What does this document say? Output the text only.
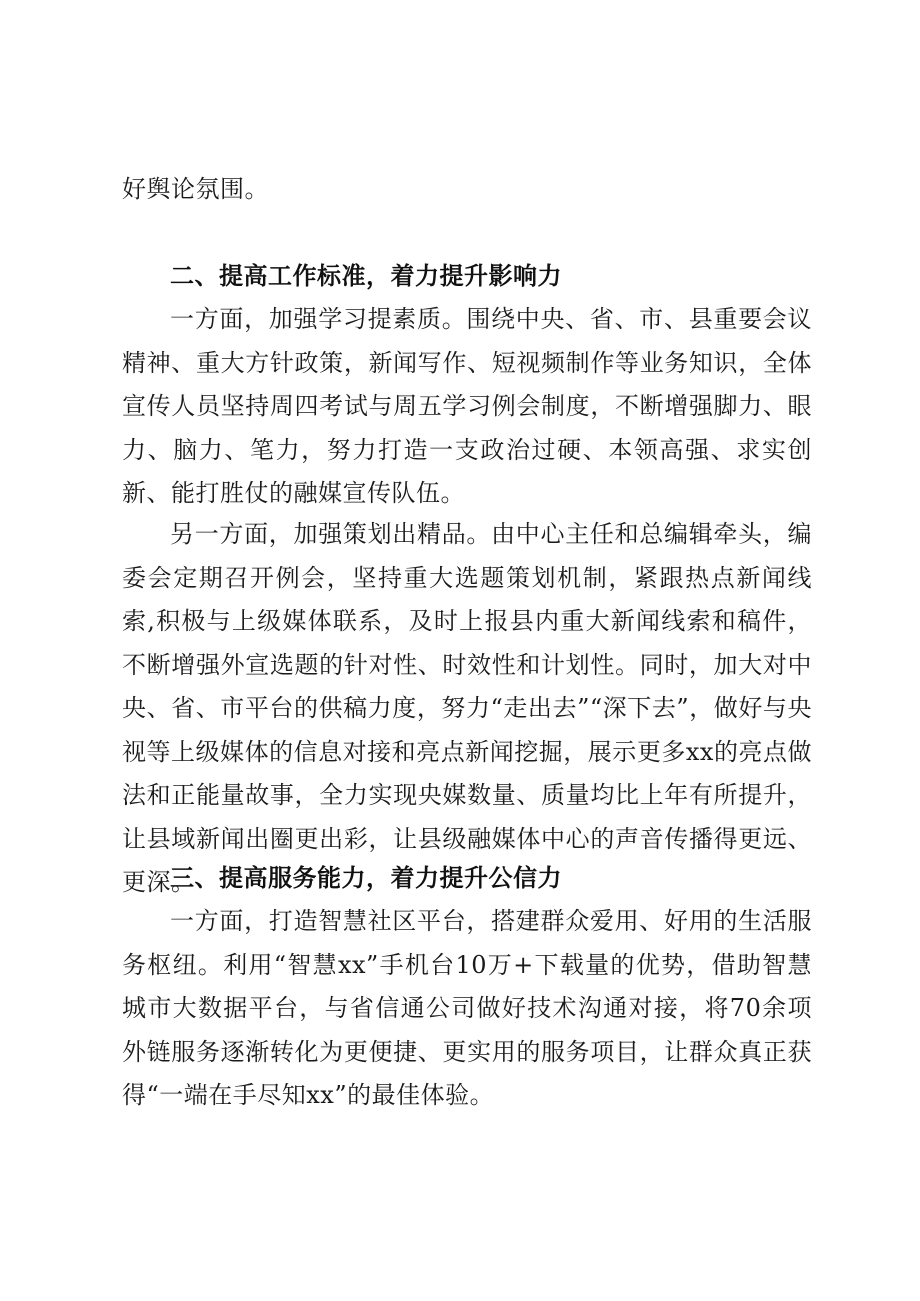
好舆论氛围。

二、提高工作标准，着力提升影响力

一方面，加强学习提素质。围绕中央、省、市、县重要会议精神、重大方针政策，新闻写作、短视频制作等业务知识，全体宣传人员坚持周四考试与周五学习例会制度，不断增强脚力、眼力、脑力、笔力，努力打造一支政治过硬、本领高强、求实创新、能打胜仗的融媒宣传队伍。

另一方面，加强策划出精品。由中心主任和总编辑牵头，编委会定期召开例会，坚持重大选题策划机制，紧跟热点新闻线索,积极与上级媒体联系，及时上报县内重大新闻线索和稿件，不断增强外宣选题的针对性、时效性和计划性。同时，加大对中央、省、市平台的供稿力度，努力“走出去”“深下去”，做好与央视等上级媒体的信息对接和亮点新闻挖掘，展示更多xx的亮点做法和正能量故事，全力实现央媒数量、质量均比上年有所提升，让县域新闻出圈更出彩，让县级融媒体中心的声音传播得更远、更深。

三、提高服务能力，着力提升公信力

一方面，打造智慧社区平台，搭建群众爱用、好用的生活服务枢纽。利用“智慧xx”手机台10万+下载量的优势，借助智慧城市大数据平台，与省信通公司做好技术沟通对接，将70余项外链服务逐渐转化为更便捷、更实用的服务项目，让群众真正获得“一端在手尽知xx”的最佳体验。
